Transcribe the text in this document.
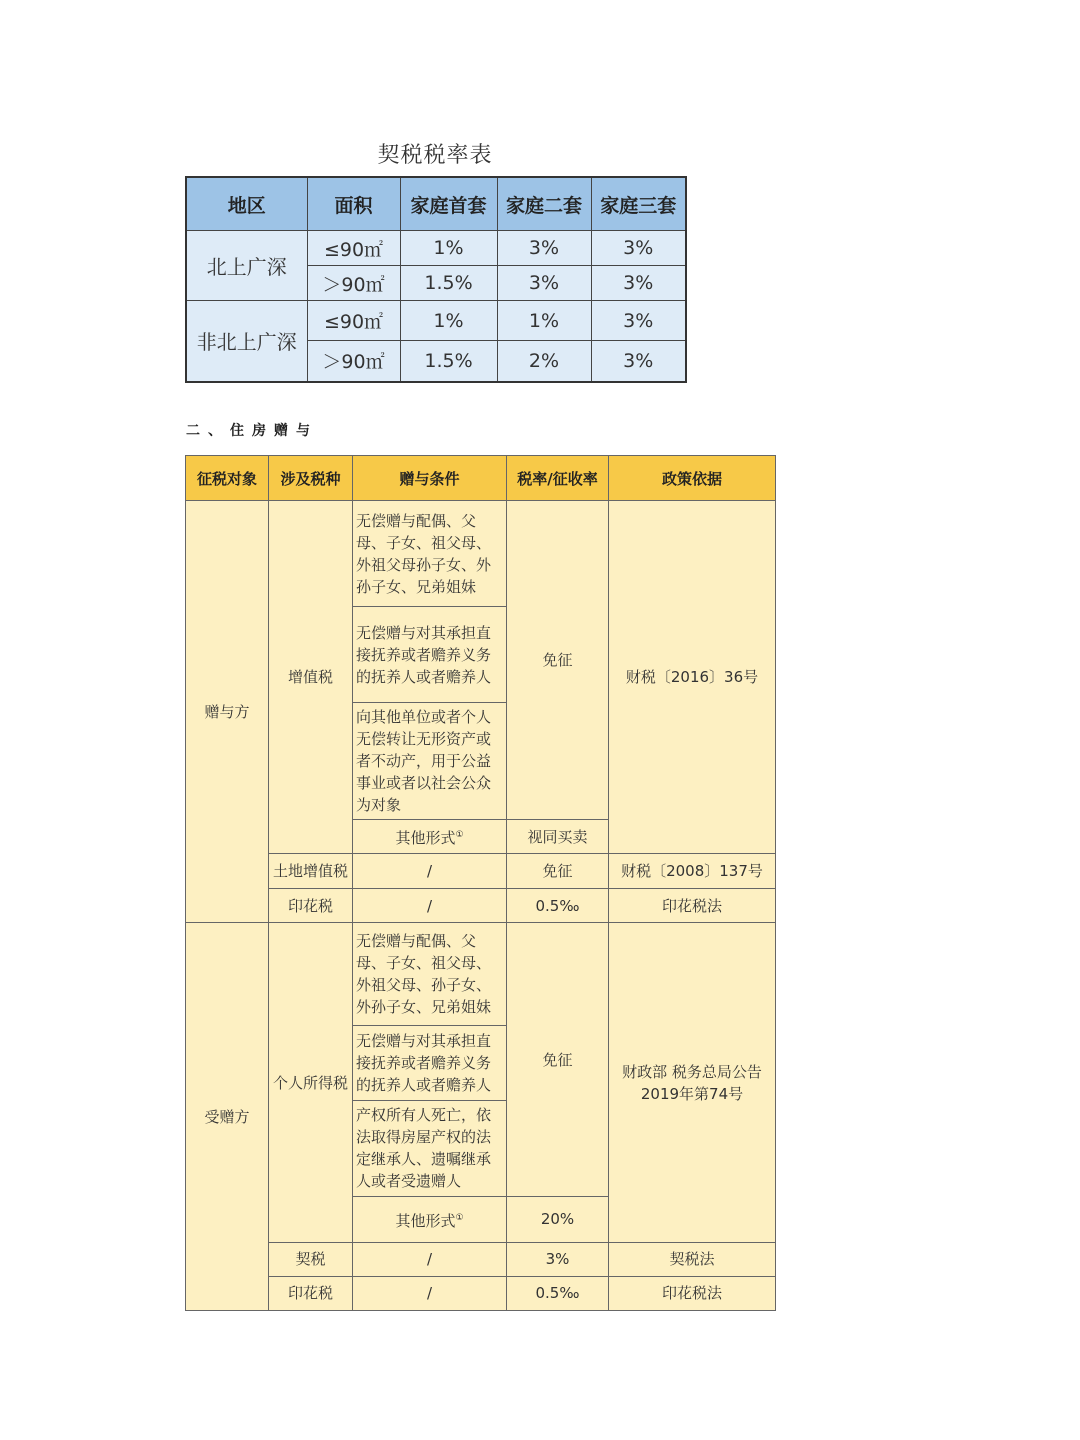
契税税率表
地区	面积	家庭首套	家庭二套	家庭三套
北上广深	≤90㎡	1%	3%	3%
	＞90㎡	1.5%	3%	3%
非北上广深	≤90㎡	1%	1%	3%
	＞90㎡	1.5%	2%	3%
二、住房赠与
征税对象	涉及税种	赠与条件	税率/征收率	政策依据
赠与方	增值税	无偿赠与配偶、父母、子女、祖父母、外祖父母孙子女、外孙子女、兄弟姐妹	免征	财税〔2016〕36号
		无偿赠与对其承担直接抚养或者赡养义务的抚养人或者赡养人		
		向其他单位或者个人无偿转让无形资产或者不动产，用于公益事业或者以社会公众为对象		
		其他形式①	视同买卖	
	土地增值税	/	免征	财税〔2008〕137号
	印花税	/	0.5‰	印花税法
受赠方	个人所得税	无偿赠与配偶、父母、子女、祖父母、外祖父母、孙子女、外孙子女、兄弟姐妹	免征	财政部 税务总局公告2019年第74号
		无偿赠与对其承担直接抚养或者赡养义务的抚养人或者赡养人		
		产权所有人死亡，依法取得房屋产权的法定继承人、遗嘱继承人或者受遗赠人		
		其他形式①	20%	
	契税	/	3%	契税法
	印花税	/	0.5‰	印花税法
